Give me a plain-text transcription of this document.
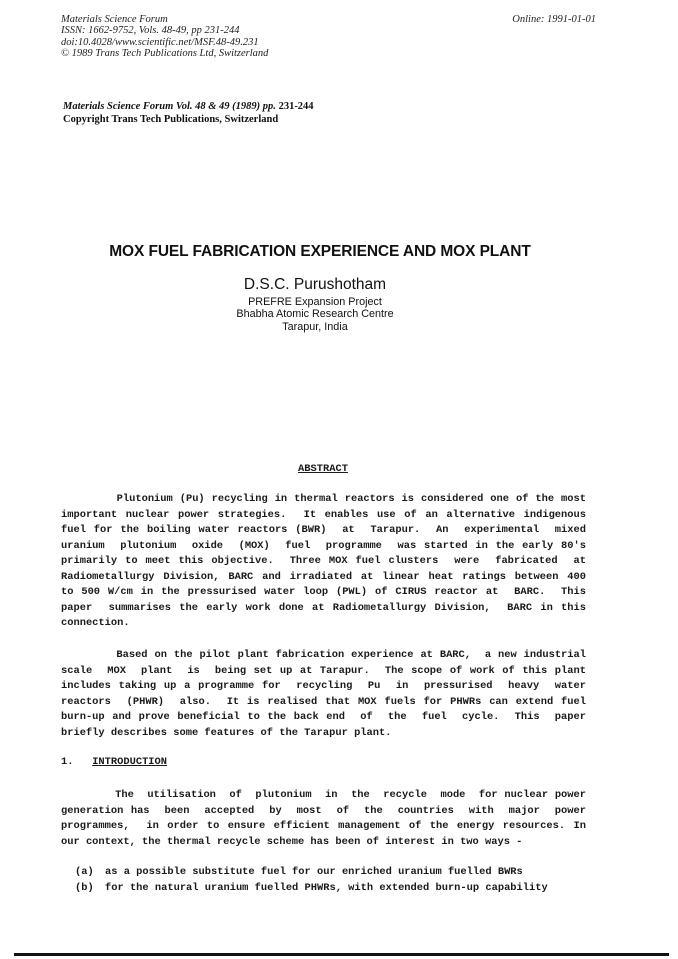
Materials Science Forum
ISSN: 1662-9752, Vols. 48-49, pp 231-244
doi:10.4028/www.scientific.net/MSF.48-49.231
© 1989 Trans Tech Publications Ltd, Switzerland
Online: 1991-01-01
Materials Science Forum Vol. 48 & 49 (1989) pp. 231-244
Copyright Trans Tech Publications, Switzerland
MOX FUEL FABRICATION EXPERIENCE AND MOX PLANT
D.S.C. Purushotham
PREFRE Expansion Project
Bhabha Atomic Research Centre
Tarapur, India
ABSTRACT
Plutonium (Pu) recycling in thermal reactors is considered one of the most
important nuclear power strategies.  It enables use of an alternative indigenous
fuel for the boiling water reactors (BWR)  at  Tarapur.  An  experimental  mixed
uranium  plutonium  oxide  (MOX)  fuel  programme  was started in the early 80's
primarily to meet this objective.  Three MOX fuel clusters  were  fabricated  at
Radiometallurgy Division, BARC and irradiated at linear heat ratings between 400
to 500 W/cm in the pressurised water loop (PWL) of CIRUS reactor at  BARC.  This
paper  summarises the early work done at Radiometallurgy Division,  BARC in this
connection.
Based on the pilot plant fabrication experience at BARC,  a new industrial
scale  MOX  plant  is  being set up at Tarapur.  The scope of work of this plant
includes taking up a programme for  recycling  Pu  in  pressurised  heavy  water
reactors  (PHWR)  also.  It is realised that MOX fuels for PHWRs can extend fuel
burn-up and prove beneficial to the back end  of  the  fuel  cycle.  This  paper
briefly describes some features of the Tarapur plant.
1.   INTRODUCTION
The  utilisation  of  plutonium  in  the  recycle  mode  for nuclear power
generation has  been  accepted  by  most  of  the  countries  with  major  power
programmes,  in order to ensure efficient management of the energy resources. In
our context, the thermal recycle scheme has been of interest in two ways -
(a)	as a possible substitute fuel for our enriched uranium fuelled BWRs
(b)	for the natural uranium fuelled PHWRs, with extended burn-up capability
